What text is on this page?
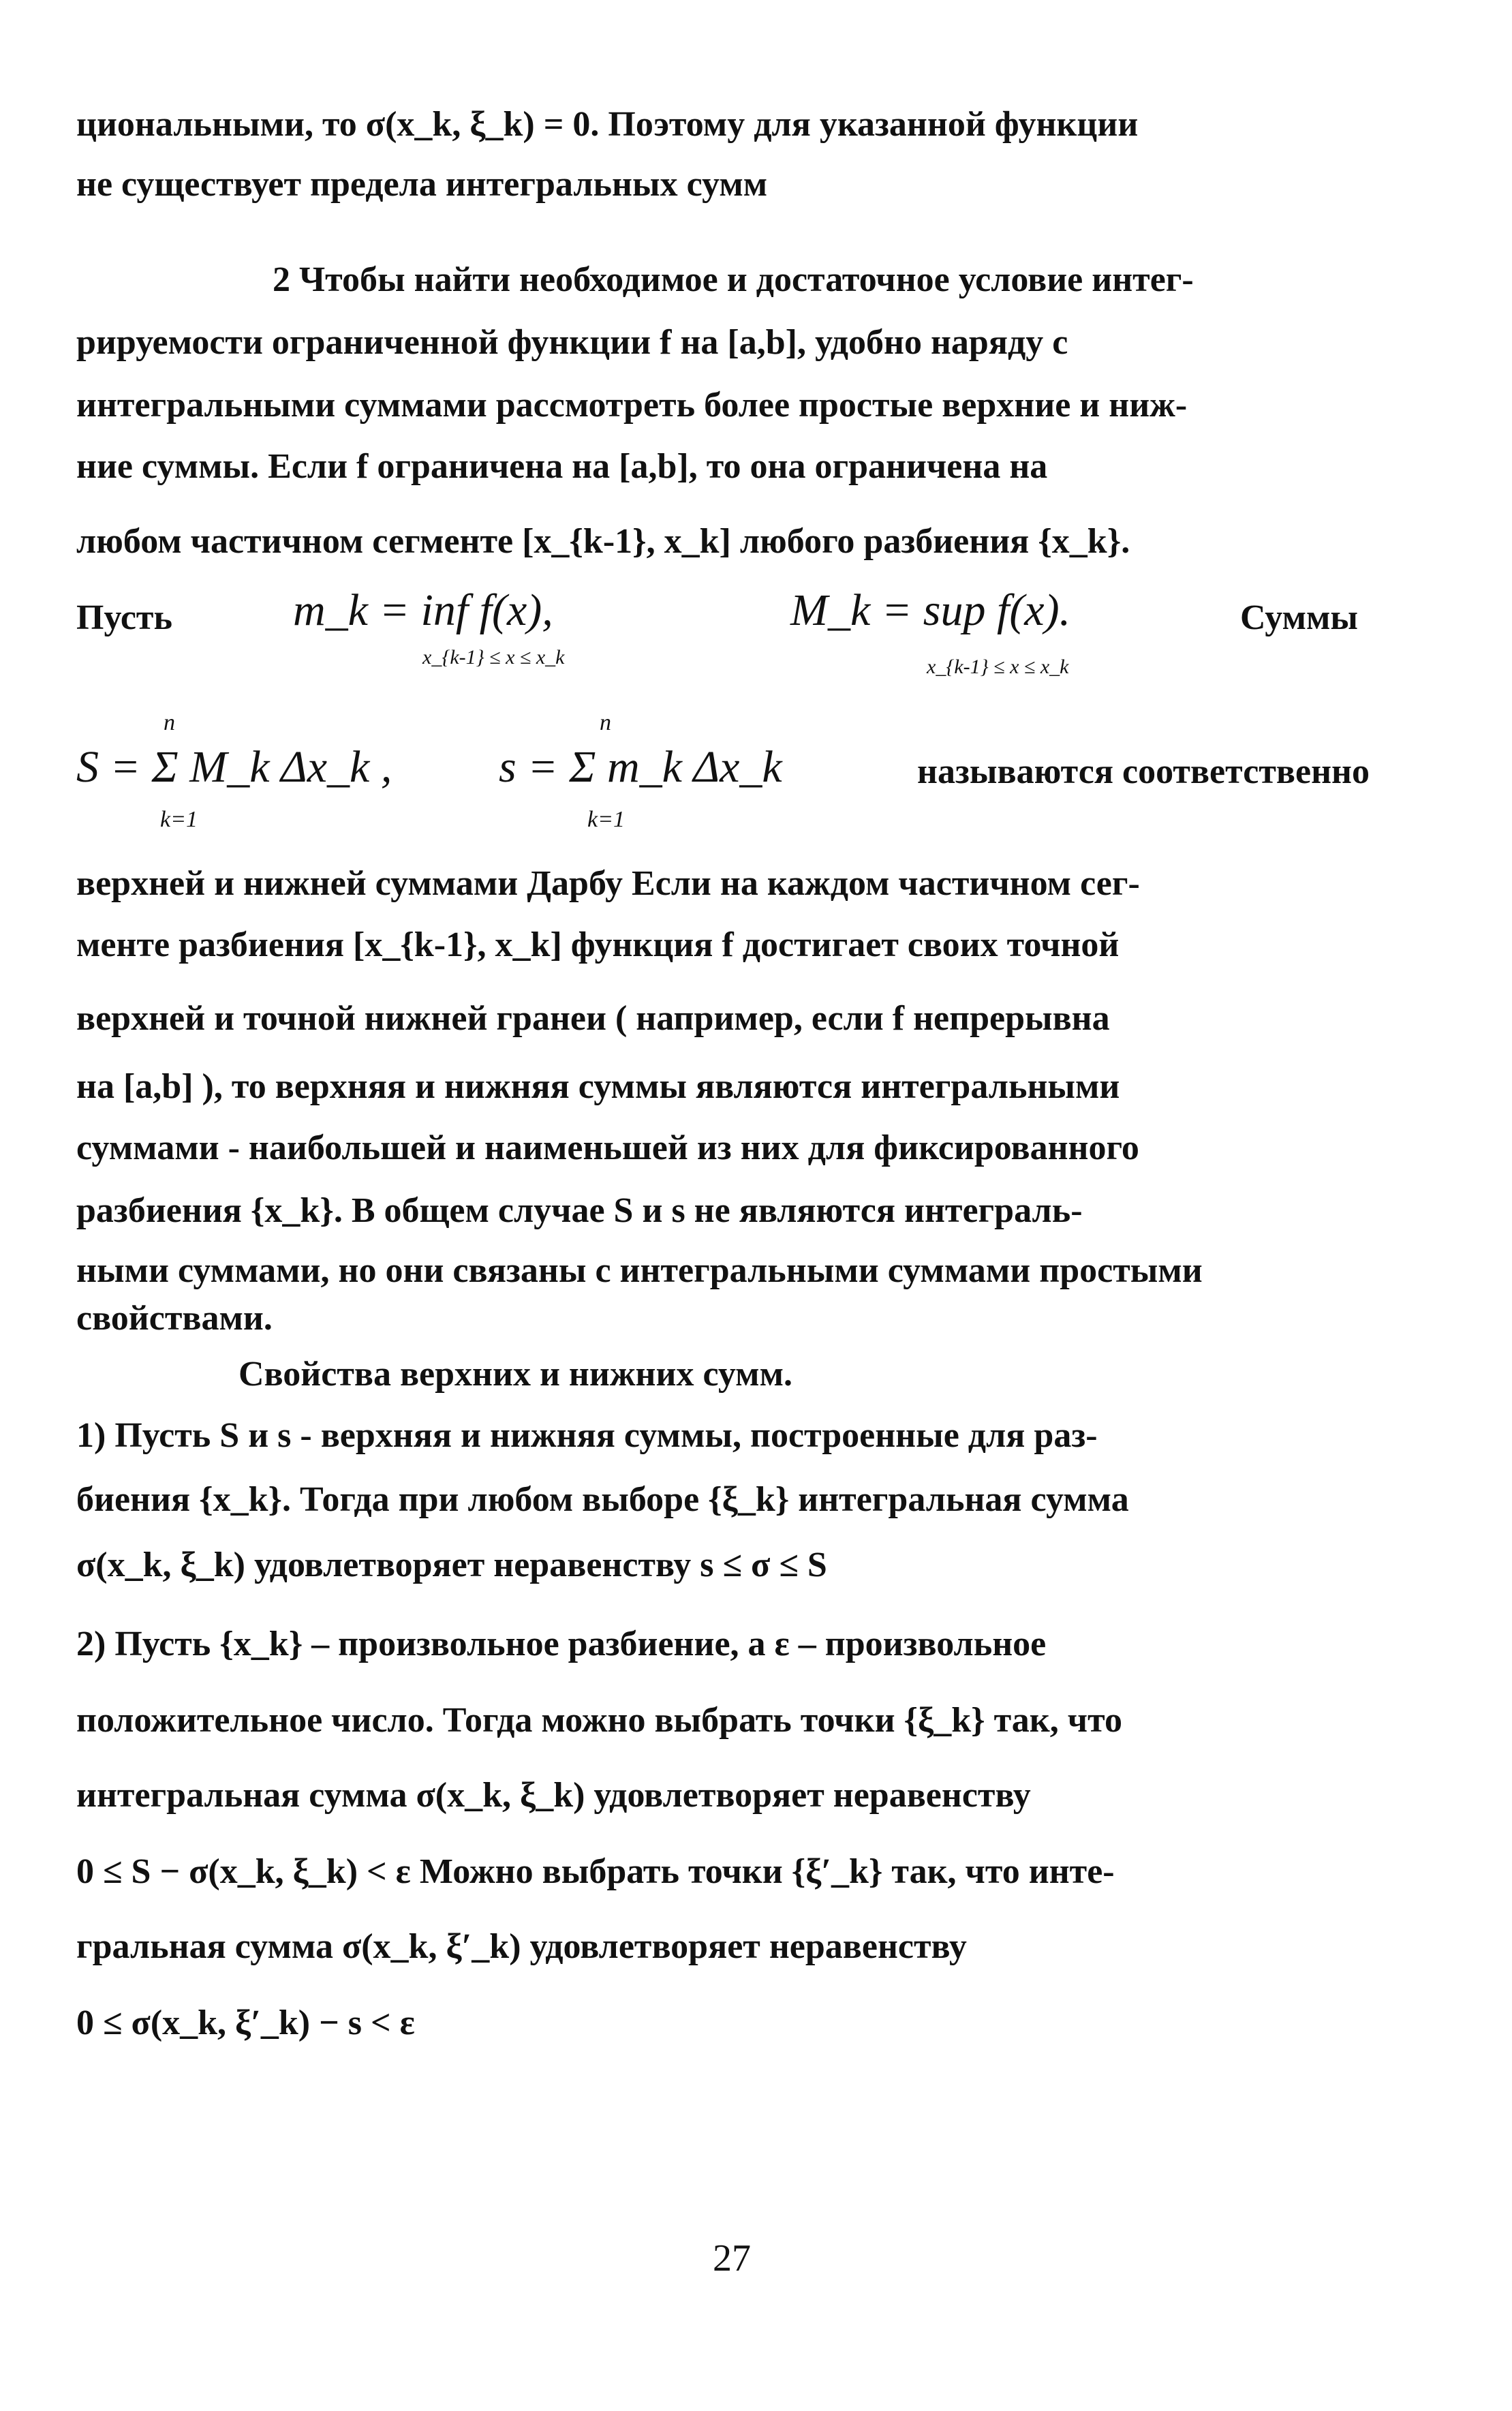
циональными, то σ(x_k, ξ_k) = 0. Поэтому для указанной функции
не существует предела интегральных сумм
2 Чтобы найти необходимое и достаточное условие интег-
рируемости ограниченной функции f на [a,b], удобно наряду с
интегральными суммами рассмотреть более простые верхние и ниж-
ние суммы. Если f ограничена на [a,b], то она ограничена на
любом частичном сегменте [x_{k-1}, x_k] любого разбиения {x_k}.
Пусть	m_k = inf f(x),	M_k = sup f(x).	Суммы
x_{k-1} ≤ x ≤ x_k	x_{k-1} ≤ x ≤ x_k
n
k=1
n
k=1
S = Σ M_k Δx_k , s = Σ m_k Δx_k	называются соответственно
верхней и нижней суммами Дарбу Если на каждом частичном сег-
менте разбиения [x_{k-1}, x_k] функция f достигает своих точной
верхней и точной нижней гранеи ( например, если f непрерывна
на [a,b] ), то верхняя и нижняя суммы являются интегральными
суммами - наибольшей и наименьшей из них для фиксированного
разбиения {x_k}. В общем случае S и s не являются интеграль-
ными суммами, но они связаны с интегральными суммами простыми
свойствами.
Свойства верхних и нижних сумм.
1) Пусть S и s - верхняя и нижняя суммы, построенные для раз-
биения {x_k}. Тогда при любом выборе {ξ_k} интегральная сумма
σ(x_k, ξ_k) удовлетворяет неравенству s ≤ σ ≤ S
2) Пусть {x_k} – произвольное разбиение, а ε – произвольное
положительное число. Тогда можно выбрать точки {ξ_k} так, что
интегральная сумма σ(x_k, ξ_k) удовлетворяет неравенству
0 ≤ S − σ(x_k, ξ_k) < ε Можно выбрать точки {ξ′_k} так, что инте-
гральная сумма σ(x_k, ξ′_k) удовлетворяет неравенству
0 ≤ σ(x_k, ξ′_k) − s < ε
27
